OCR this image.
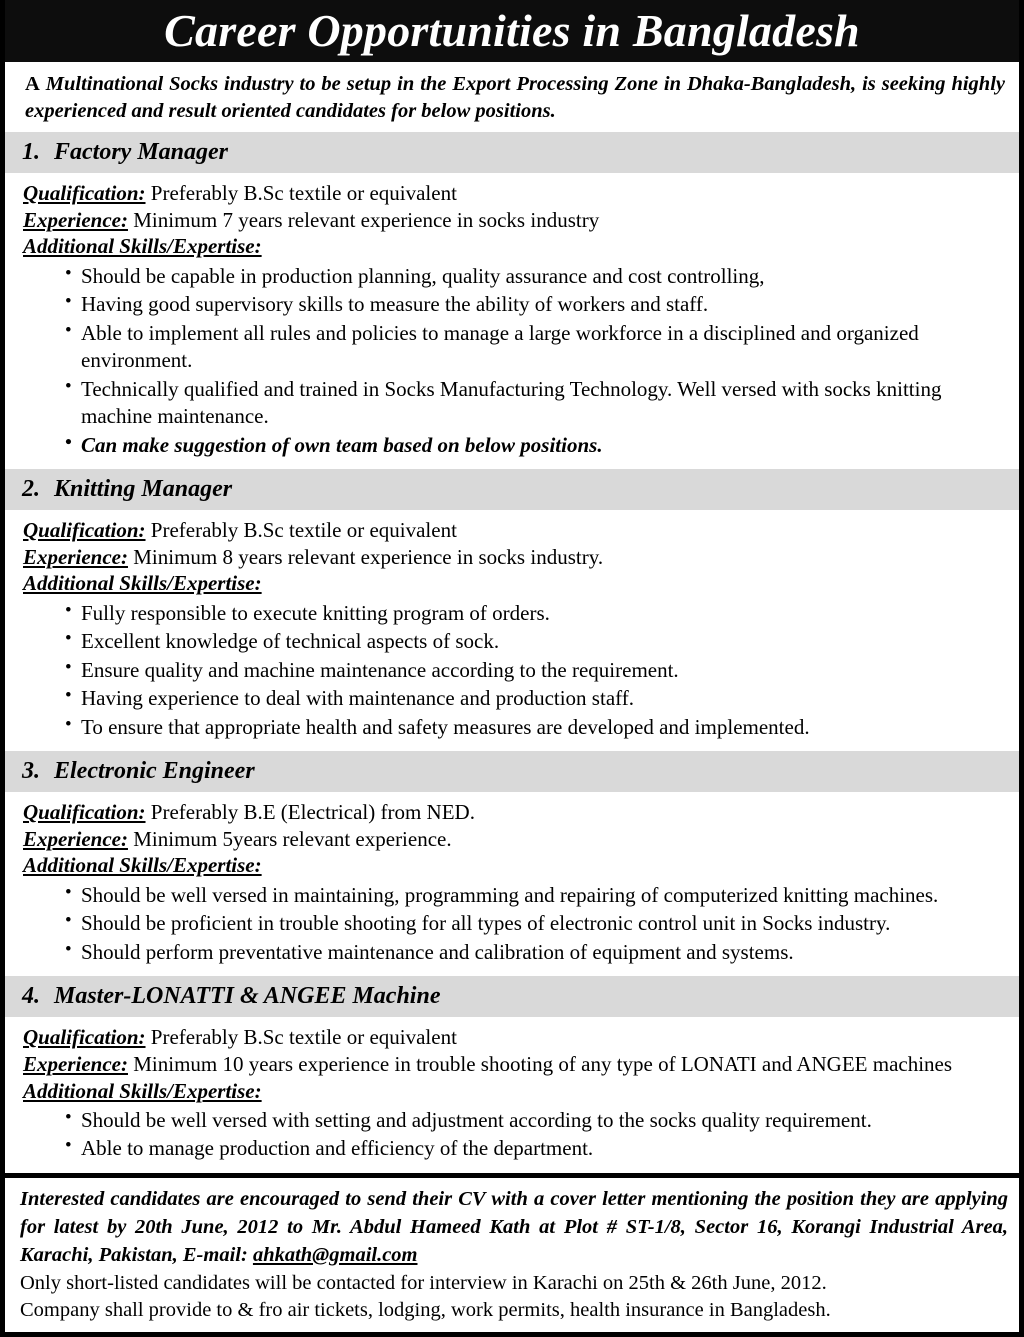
Career Opportunities in Bangladesh
A Multinational Socks industry to be setup in the Export Processing Zone in Dhaka-Bangladesh, is seeking highly experienced and result oriented candidates for below positions.
1. Factory Manager

Qualification: Preferably B.Sc textile or equivalent

Experience: Minimum 7 years relevant experience in socks industry

Additional Skills/Expertise:
• Should be capable in production planning, quality assurance and cost controlling,
• Having good supervisory skills to measure the ability of workers and staff.
• Able to implement all rules and policies to manage a large workforce in a disciplined and organized environment.
• Technically qualified and trained in Socks Manufacturing Technology. Well versed with socks knitting machine maintenance.
• Can make suggestion of own team based on below positions.
2. Knitting Manager

Qualification: Preferably B.Sc textile or equivalent

Experience: Minimum 8 years relevant experience in socks industry.

Additional Skills/Expertise:
• Fully responsible to execute knitting program of orders.
• Excellent knowledge of technical aspects of sock.
• Ensure quality and machine maintenance according to the requirement.
• Having experience to deal with maintenance and production staff.
• To ensure that appropriate health and safety measures are developed and implemented.
3. Electronic Engineer

Qualification: Preferably B.E (Electrical) from NED.

Experience: Minimum 5years relevant experience.

Additional Skills/Expertise:
• Should be well versed in maintaining, programming and repairing of computerized knitting machines.
• Should be proficient in trouble shooting for all types of electronic control unit in Socks industry.
• Should perform preventative maintenance and calibration of equipment and systems.
4. Master-LONATTI & ANGEE Machine

Qualification: Preferably B.Sc textile or equivalent

Experience: Minimum 10 years experience in trouble shooting of any type of LONATI and ANGEE machines

Additional Skills/Expertise:
• Should be well versed with setting and adjustment according to the socks quality requirement.
• Able to manage production and efficiency of the department.

Interested candidates are encouraged to send their CV with a cover letter mentioning the position they are applying for latest by 20th June, 2012 to Mr. Abdul Hameed Kath at Plot # ST-1/8, Sector 16, Korangi Industrial Area, Karachi, Pakistan, E-mail: ahkath@gmail.com

Only short-listed candidates will be contacted for interview in Karachi on 25th & 26th June, 2012.

Company shall provide to & fro air tickets, lodging, work permits, health insurance in Bangladesh.
